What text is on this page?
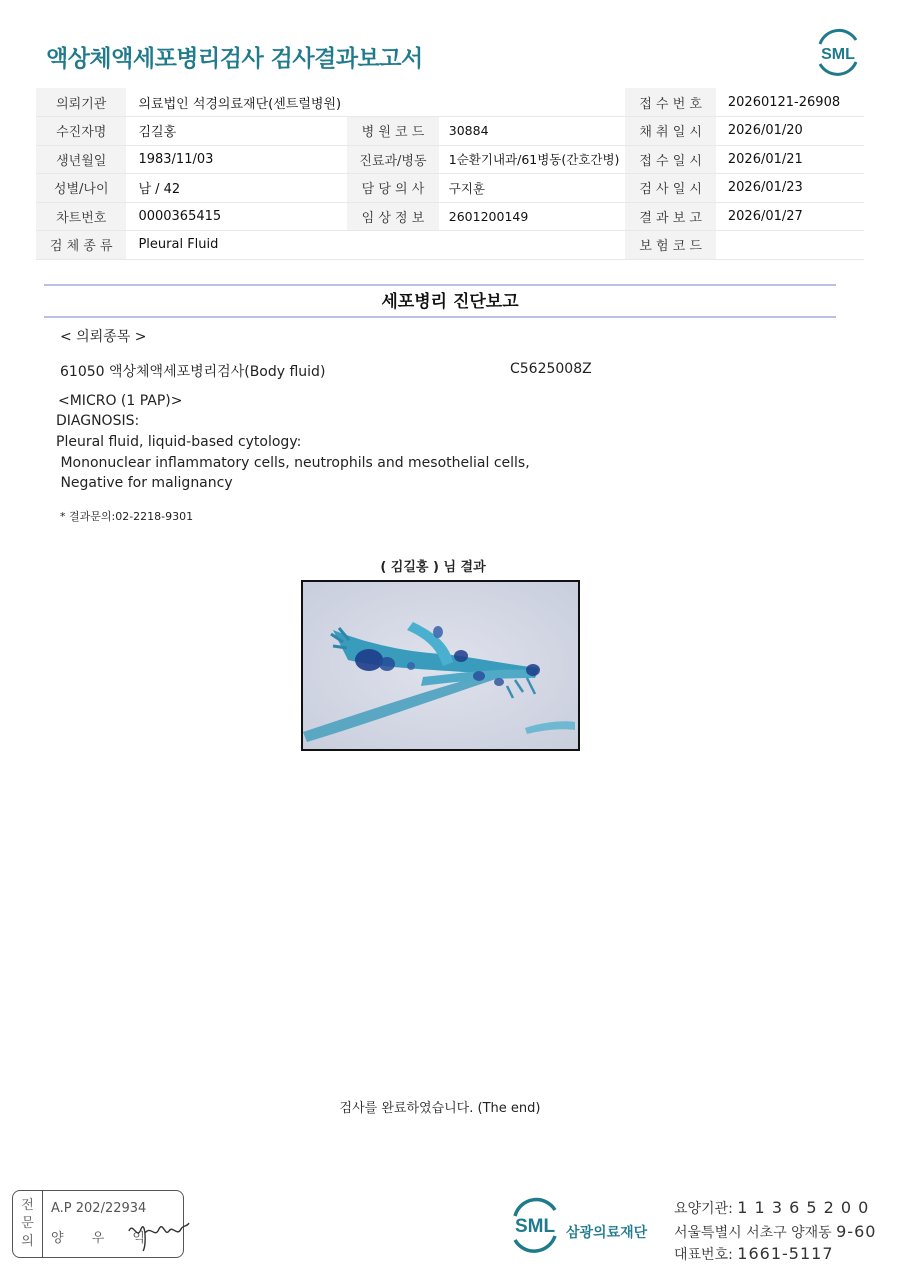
액상체액세포병리검사 검사결과보고서	SML
의뢰기관	의료법인 석경의료재단(센트럴병원)			접 수 번 호	20260121-26908
수진자명	김길홍	병 원 코 드	30884	채 취 일 시	2026/01/20
생년월일	1983/11/03	진료과/병동	1순환기내과/61병동(간호간병)	접 수 일 시	2026/01/21
성별/나이	남 / 42	담 당 의 사	구지훈	검 사 일 시	2026/01/23
차트번호	0000365415	임 상 정 보	2601200149	결 과 보 고	2026/01/27
검 체 종 류	Pleural Fluid			보 험 코 드	
세포병리 진단보고
< 의뢰종목 >
61050 액상체액세포병리검사(Body fluid)	C5625008Z
<MICRO (1 PAP)>
DIAGNOSIS:
Pleural fluid, liquid-based cytology:
Mononuclear inflammatory cells, neutrophils and mesothelial cells,
Negative for malignancy
* 결과문의:02-2218-9301
( 김길홍 ) 님 결과
검사를 완료하였습니다. (The end)
전
문
의
A.P 202/22934
양 우 익
SML 삼광의료재단
요양기관: 1 1 3 6 5 2 0 0
서울특별시 서초구 양재동 9-60
대표번호: 1661-5117
